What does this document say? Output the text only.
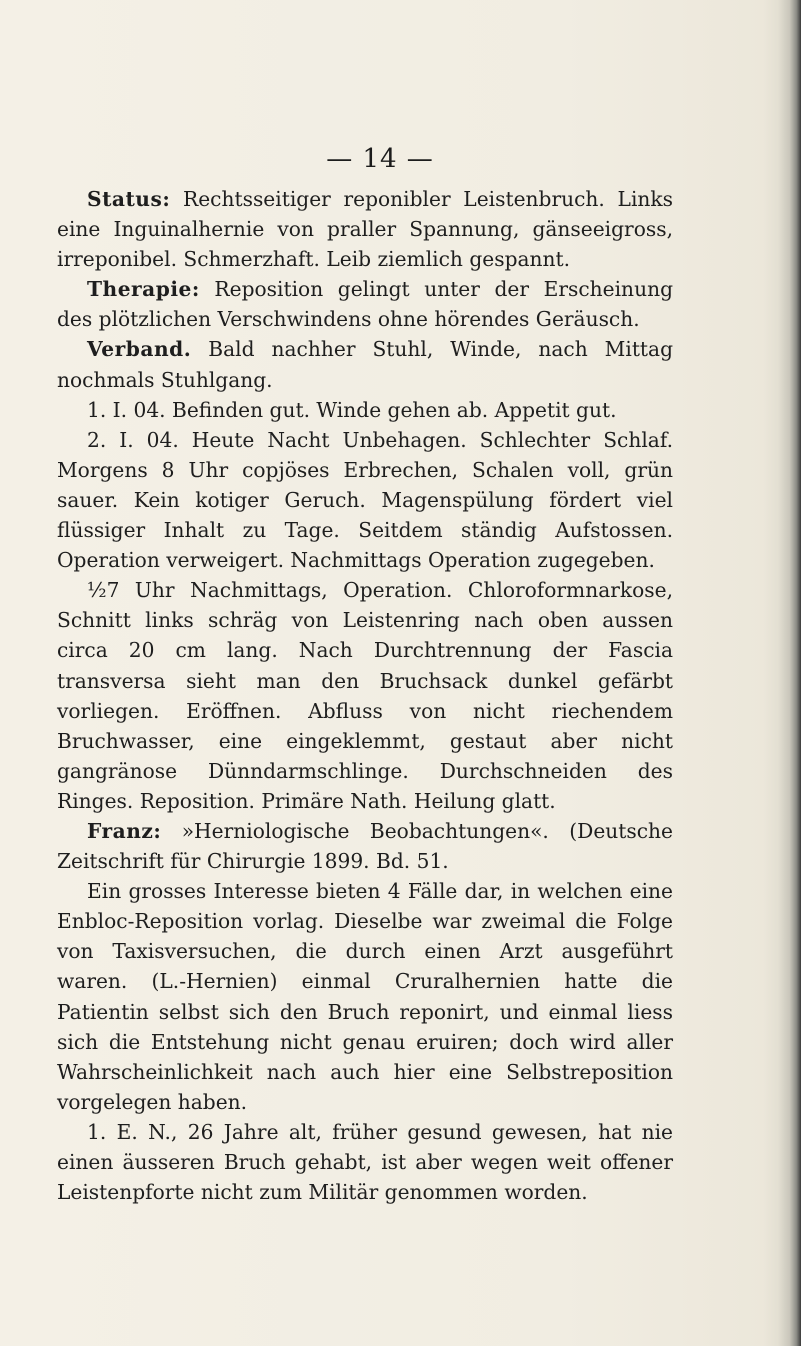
— 14 —

Status: Rechtsseitiger reponibler Leistenbruch. Links eine Inguinalhernie von praller Spannung, gänseeigross, irreponibel. Schmerzhaft. Leib ziemlich gespannt.

Therapie: Reposition gelingt unter der Erscheinung des plötzlichen Verschwindens ohne hörendes Geräusch.

Verband. Bald nachher Stuhl, Winde, nach Mittag nochmals Stuhlgang.

1. I. 04. Befinden gut. Winde gehen ab. Appetit gut.

2. I. 04. Heute Nacht Unbehagen. Schlechter Schlaf. Morgens 8 Uhr copjöses Erbrechen, Schalen voll, grün sauer. Kein kotiger Geruch. Magenspülung fördert viel flüssiger Inhalt zu Tage. Seitdem ständig Aufstossen. Operation verweigert. Nachmittags Operation zugegeben.

½7 Uhr Nachmittags, Operation. Chloroformnarkose, Schnitt links schräg von Leistenring nach oben aussen circa 20 cm lang. Nach Durchtrennung der Fascia transversa sieht man den Bruchsack dunkel gefärbt vorliegen. Eröffnen. Abfluss von nicht riechendem Bruchwasser, eine eingeklemmt, gestaut aber nicht gangränose Dünndarmschlinge. Durchschneiden des Ringes. Reposition. Primäre Nath. Heilung glatt.

Franz: »Herniologische Beobachtungen«. (Deutsche Zeitschrift für Chirurgie 1899. Bd. 51.

Ein grosses Interesse bieten 4 Fälle dar, in welchen eine Enbloc-Reposition vorlag. Dieselbe war zweimal die Folge von Taxisversuchen, die durch einen Arzt ausgeführt waren. (L.-Hernien) einmal Cruralhernien hatte die Patientin selbst sich den Bruch reponirt, und einmal liess sich die Entstehung nicht genau eruiren; doch wird aller Wahrscheinlichkeit nach auch hier eine Selbstreposition vorgelegen haben.

1. E. N., 26 Jahre alt, früher gesund gewesen, hat nie einen äusseren Bruch gehabt, ist aber wegen weit offener Leistenpforte nicht zum Militär genommen worden.
